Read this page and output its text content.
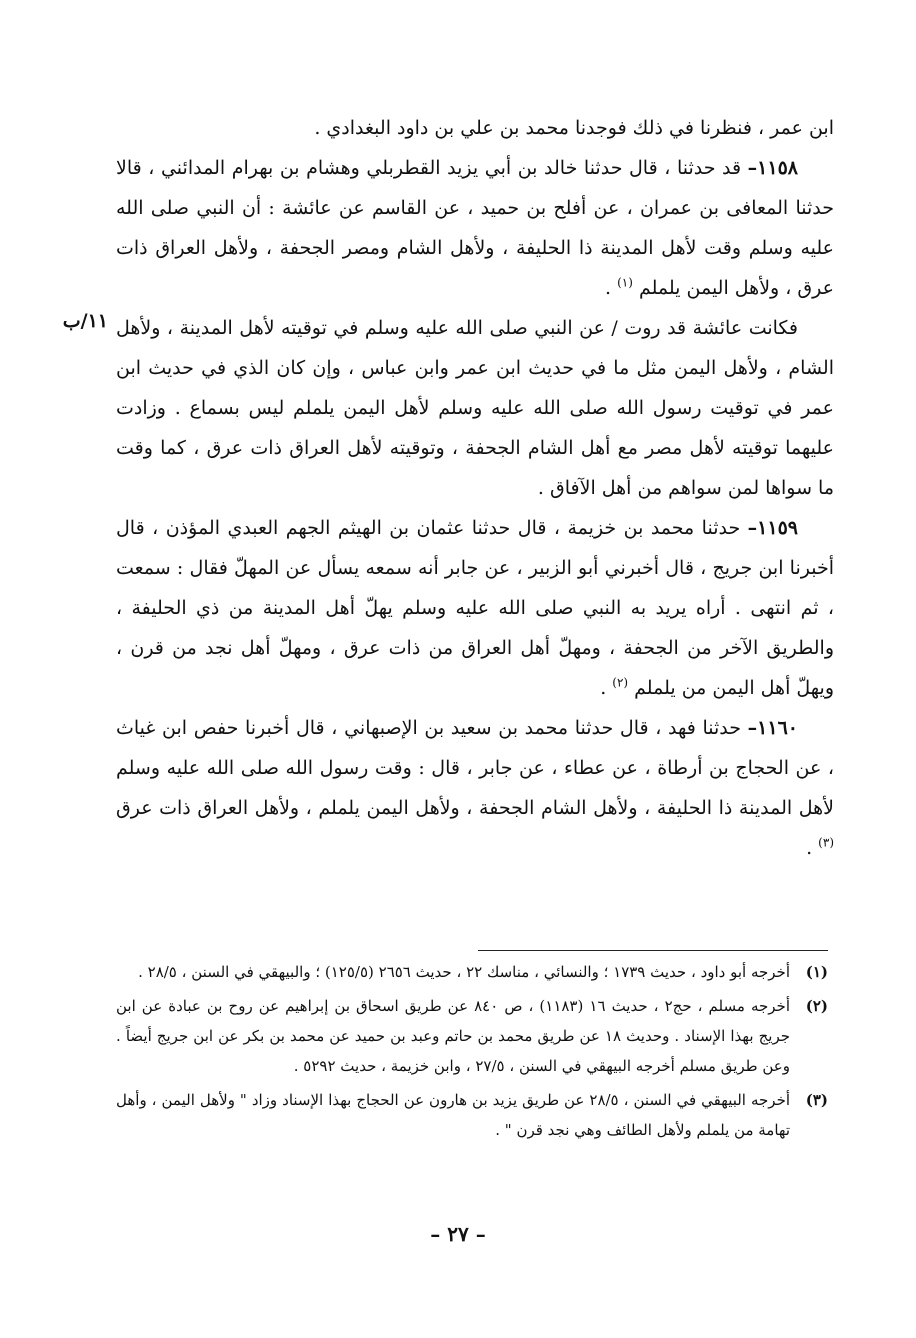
ابن عمر ، فنظرنا في ذلك فوجدنا محمد بن علي بن داود البغدادي .

١١٥٨– قد حدثنا ، قال حدثنا خالد بن أبي يزيد القطربلي وهشام بن بهرام المدائني ، قالا حدثنا المعافى بن عمران ، عن أفلح بن حميد ، عن القاسم عن عائشة : أن النبي صلى الله عليه وسلم وقت لأهل المدينة ذا الحليفة ، ولأهل الشام ومصر الجحفة ، ولأهل العراق ذات عرق ، ولأهل اليمن يلملم $^{(١)}$ .

فكانت عائشة قد روت / عن النبي صلى الله عليه وسلم في توقيته لأهل المدينة ، ولأهل الشام ، ولأهل اليمن مثل ما في حديث ابن عمر وابن عباس ، وإن كان الذي في حديث ابن عمر في توقيت رسول الله صلى الله عليه وسلم لأهل اليمن يلملم ليس بسماع . وزادت عليهما توقيته لأهل مصر مع أهل الشام الجحفة ، وتوقيته لأهل العراق ذات عرق ، كما وقت ما سواها لمن سواهم من أهل الآفاق .

١١٥٩– حدثنا محمد بن خزيمة ، قال حدثنا عثمان بن الهيثم الجهم العبدي المؤذن ، قال أخبرنا ابن جريج ، قال أخبرني أبو الزبير ، عن جابر أنه سمعه يسأل عن المهلّ فقال : سمعت ، ثم انتهى . أراه يريد به النبي صلى الله عليه وسلم يهلّ أهل المدينة من ذي الحليفة ، والطريق الآخر من الجحفة ، ومهلّ أهل العراق من ذات عرق ، ومهلّ أهل نجد من قرن ، ويهلّ أهل اليمن من يلملم $^{(٢)}$ .

١١٦٠– حدثنا فهد ، قال حدثنا محمد بن سعيد بن الإصبهاني ، قال أخبرنا حفص ابن غياث ، عن الحجاج بن أرطاة ، عن عطاء ، عن جابر ، قال : وقت رسول الله صلى الله عليه وسلم لأهل المدينة ذا الحليفة ، ولأهل الشام الجحفة ، ولأهل اليمن يلملم ، ولأهل العراق ذات عرق $^{(٣)}$ .

١١/ب
(١)
أخرجه أبو داود ، حديث ١٧٣٩ ؛ والنسائي ، مناسك ٢٢ ، حديث ٢٦٥٦ (١٢٥/٥) ؛ والبيهقي في السنن ، ٢٨/٥ .
(٢)
أخرجه مسلم ، حج٢ ، حديث ١٦ (١١٨٣) ، ص ٨٤٠ عن طريق اسحاق بن إبراهيم عن روح بن عبادة عن ابن جريج بهذا الإسناد . وحديث ١٨ عن طريق محمد بن حاتم وعبد بن حميد عن محمد بن بكر عن ابن جريج أيضاً . وعن طريق مسلم أخرجه البيهقي في السنن ، ٢٧/٥ ، وابن خزيمة ، حديث ٥٢٩٢ .
(٣)
أخرجه البيهقي في السنن ، ٢٨/٥ عن طريق يزيد بن هارون عن الحجاج بهذا الإسناد وزاد " ولأهل اليمن ، وأهل تهامة من يلملم ولأهل الطائف وهي نجد قرن " .
– ٢٧ –
